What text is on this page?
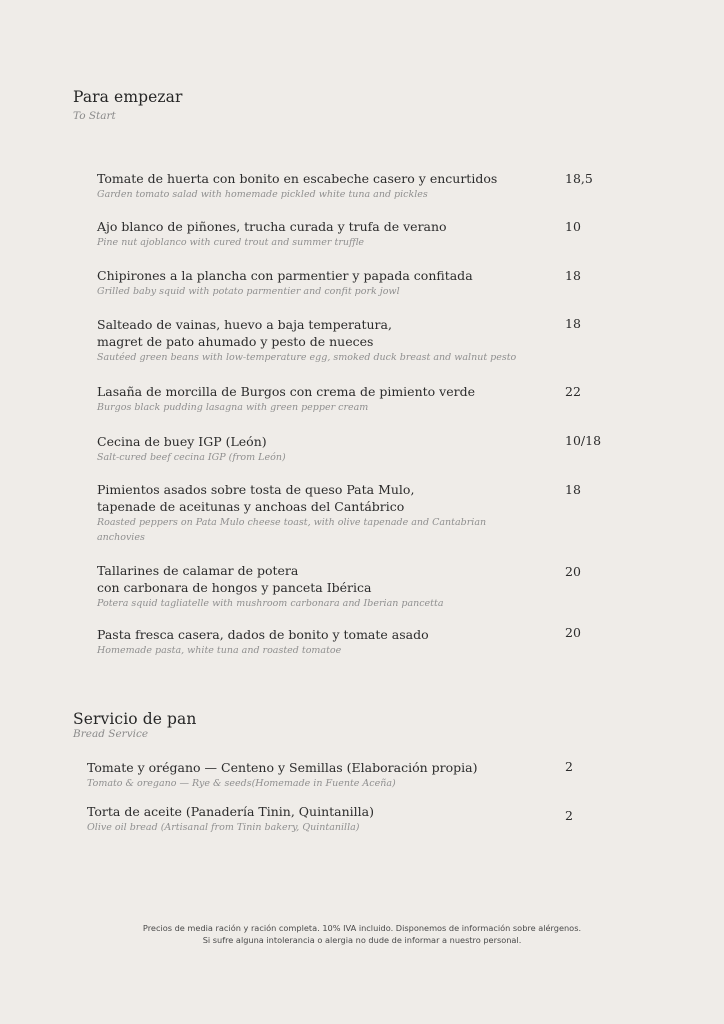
Para empezar
To Start
Tomate de huerta con bonito en escabeche casero y encurtidos
Garden tomato salad with homemade pickled white tuna and pickles
18,5
Ajo blanco de piñones, trucha curada y trufa de verano
Pine nut ajoblanco with cured trout and summer truffle
10
Chipirones a la plancha con parmentier y papada confitada
Grilled baby squid with potato parmentier and confit pork jowl
18
Salteado de vainas, huevo a baja temperatura,
magret de pato ahumado y pesto de nueces
Sautéed green beans with low-temperature egg, smoked duck breast and walnut pesto
18
Lasaña de morcilla de Burgos con crema de pimiento verde
Burgos black pudding lasagna with green pepper cream
22
Cecina de buey IGP (León)
Salt-cured beef cecina IGP (from León)
10/18
Pimientos asados sobre tosta de queso Pata Mulo,
tapenade de aceitunas y anchoas del Cantábrico
Roasted peppers on Pata Mulo cheese toast, with olive tapenade and Cantabrian anchovies
18
Tallarines de calamar de potera
con carbonara de hongos y panceta Ibérica
Potera squid tagliatelle with mushroom carbonara and Iberian pancetta
20
Pasta fresca casera, dados de bonito y tomate asado
Homemade pasta, white tuna and roasted tomatoe
20
Servicio de pan
Bread Service
Tomate y orégano — Centeno y Semillas (Elaboración propia)
Tomato & oregano — Rye & seeds(Homemade in Fuente Aceña)
2
Torta de aceite (Panadería Tinin, Quintanilla)
Olive oil bread (Artisanal from Tinin bakery, Quintanilla)
2
Precios de media ración y ración completa. 10% IVA incluido. Disponemos de información sobre alérgenos.
Si sufre alguna intolerancia o alergia no dude de informar a nuestro personal.
